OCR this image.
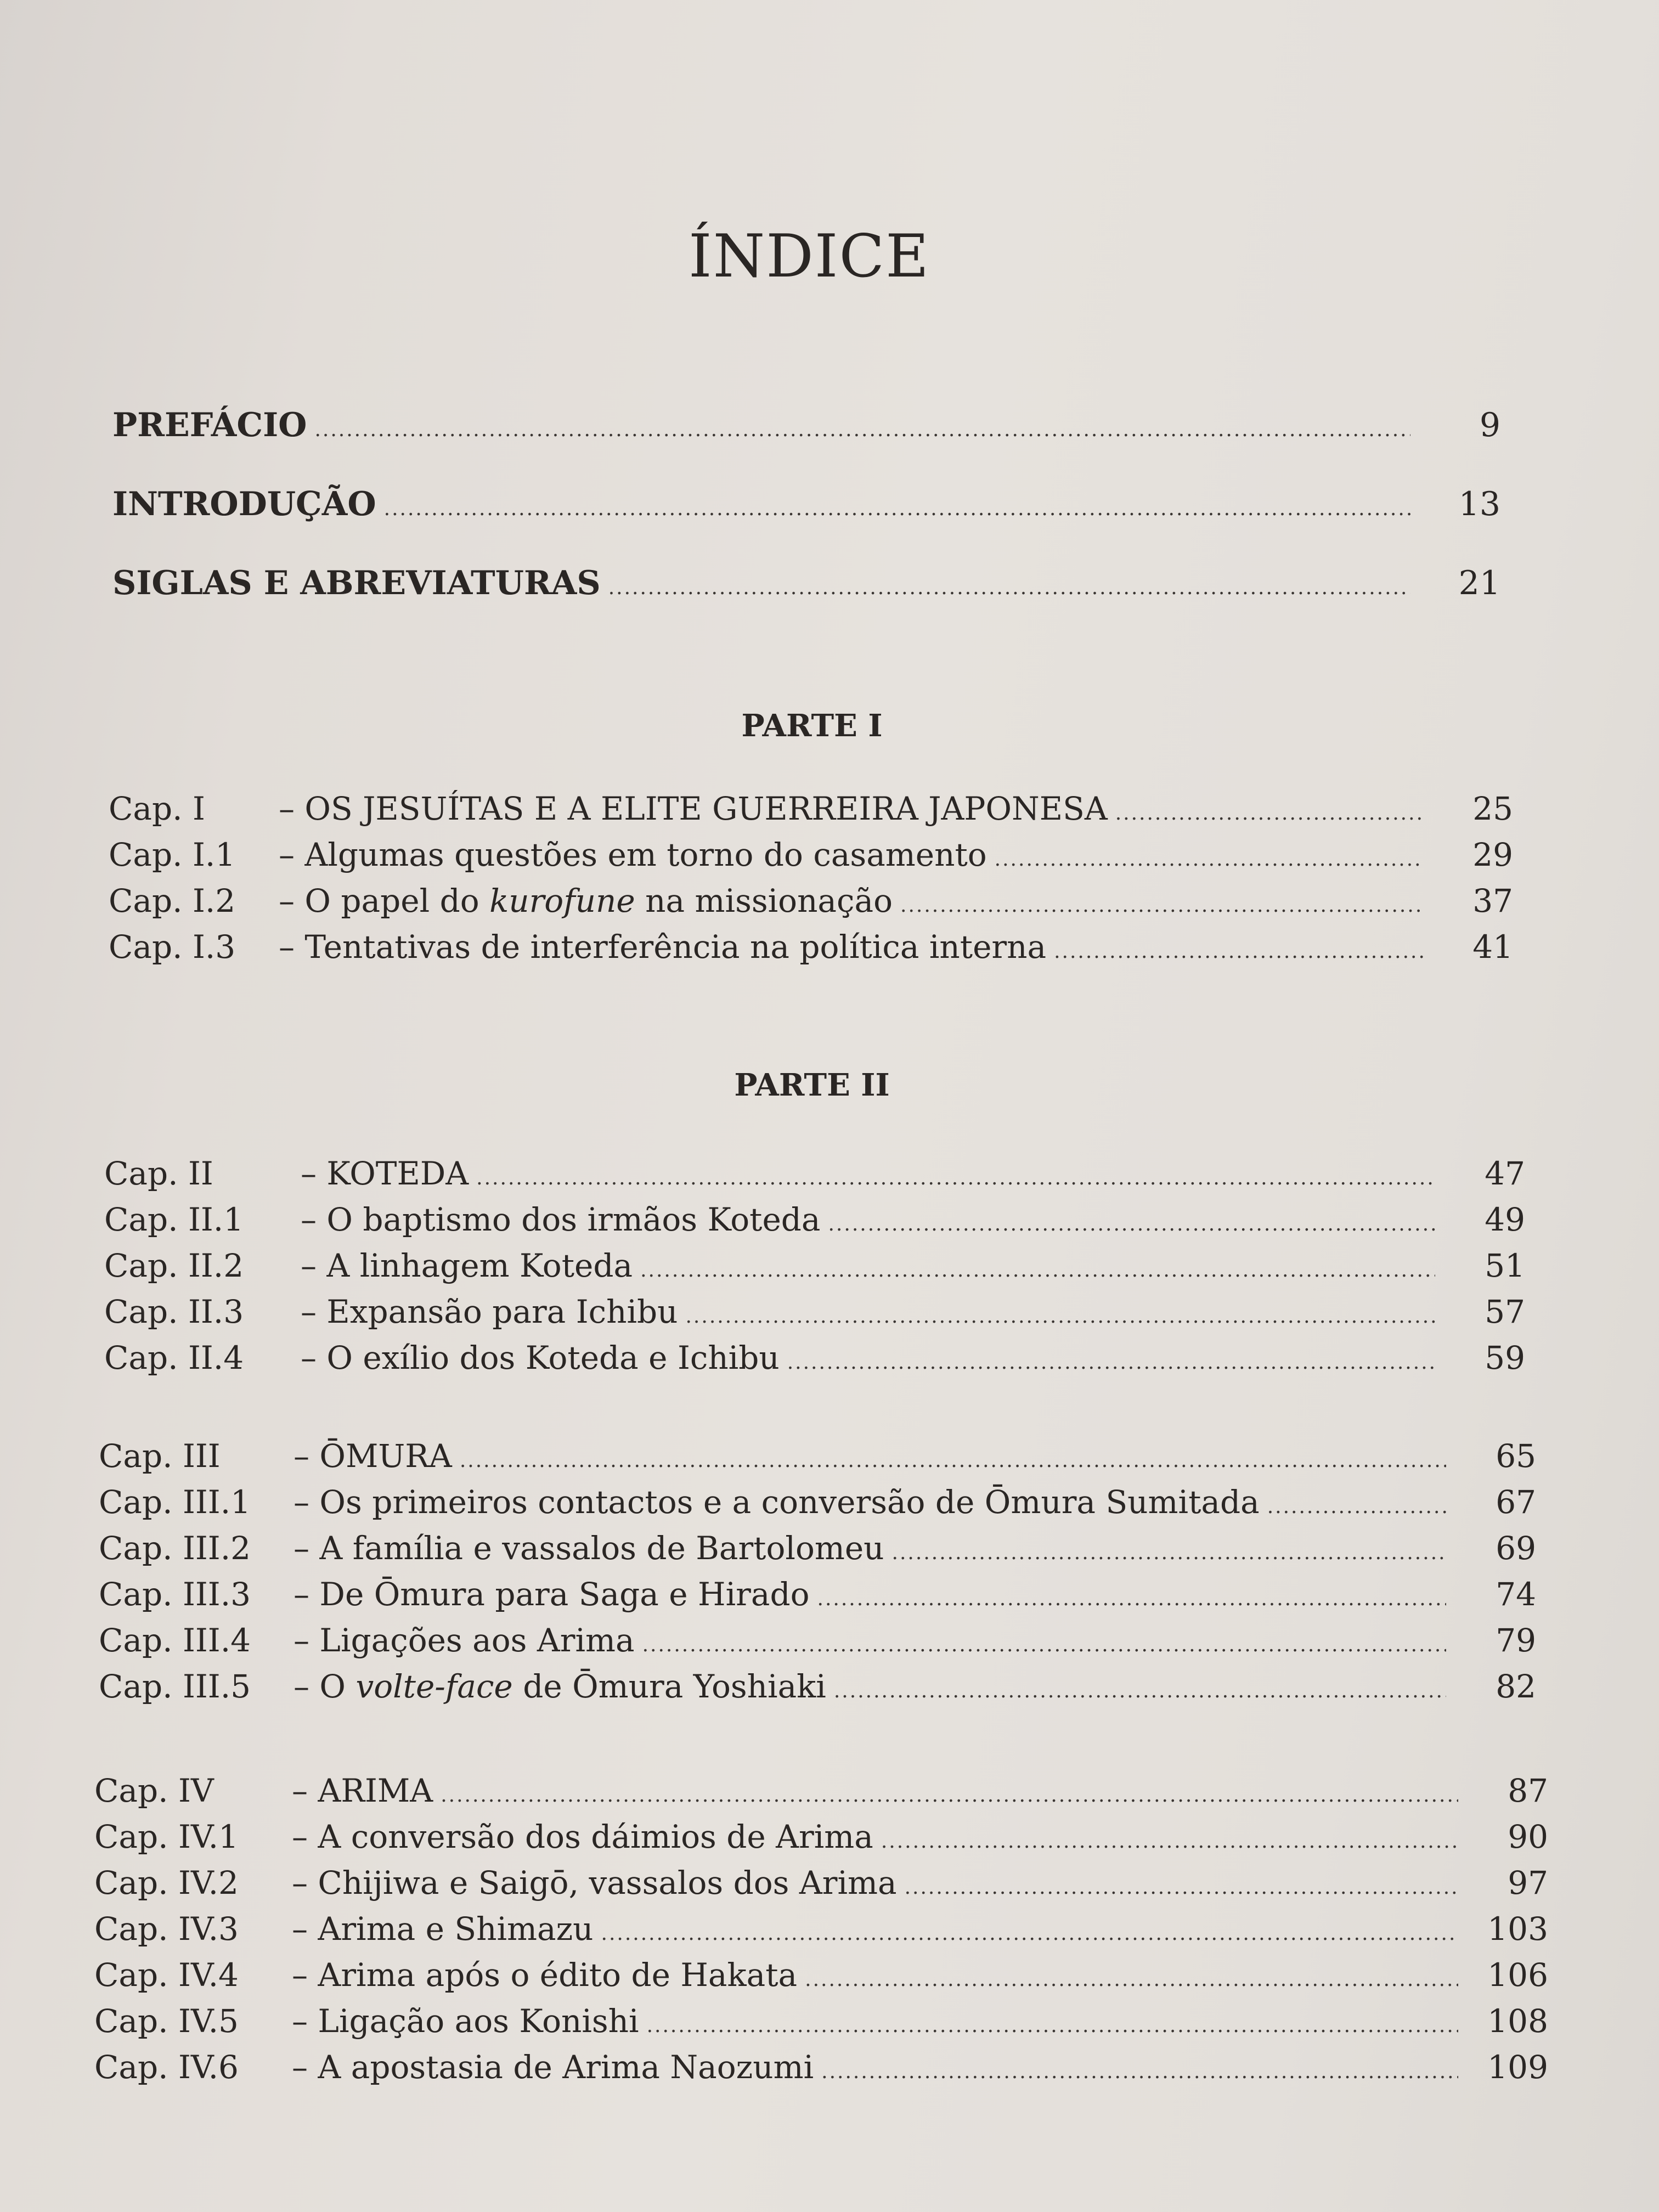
ÍNDICE
PREFÁCIO .....	9
INTRODUÇÃO .....	13
SIGLAS E ABREVIATURAS .....	21
PARTE I
Cap. I	– OS JESUÍTAS E A ELITE GUERREIRA JAPONESA .....	25
Cap. I.1	– Algumas questões em torno do casamento .....	29
Cap. I.2	– O papel do kurofune na missionação .....	37
Cap. I.3	– Tentativas de interferência na política interna .....	41
PARTE II
Cap. II	– KOTEDA .....	47
Cap. II.1	– O baptismo dos irmãos Koteda .....	49
Cap. II.2	– A linhagem Koteda .....	51
Cap. II.3	– Expansão para Ichibu .....	57
Cap. II.4	– O exílio dos Koteda e Ichibu .....	59
Cap. III	– ŌMURA .....	65
Cap. III.1	– Os primeiros contactos e a conversão de Ōmura Sumitada .....	67
Cap. III.2	– A família e vassalos de Bartolomeu .....	69
Cap. III.3	– De Ōmura para Saga e Hirado .....	74
Cap. III.4	– Ligações aos Arima .....	79
Cap. III.5	– O volte-face de Ōmura Yoshiaki .....	82
Cap. IV	– ARIMA .....	87
Cap. IV.1	– A conversão dos dáimios de Arima .....	90
Cap. IV.2	– Chijiwa e Saigō, vassalos dos Arima .....	97
Cap. IV.3	– Arima e Shimazu .....	103
Cap. IV.4	– Arima após o édito de Hakata .....	106
Cap. IV.5	– Ligação aos Konishi .....	108
Cap. IV.6	– A apostasia de Arima Naozumi .....	109
